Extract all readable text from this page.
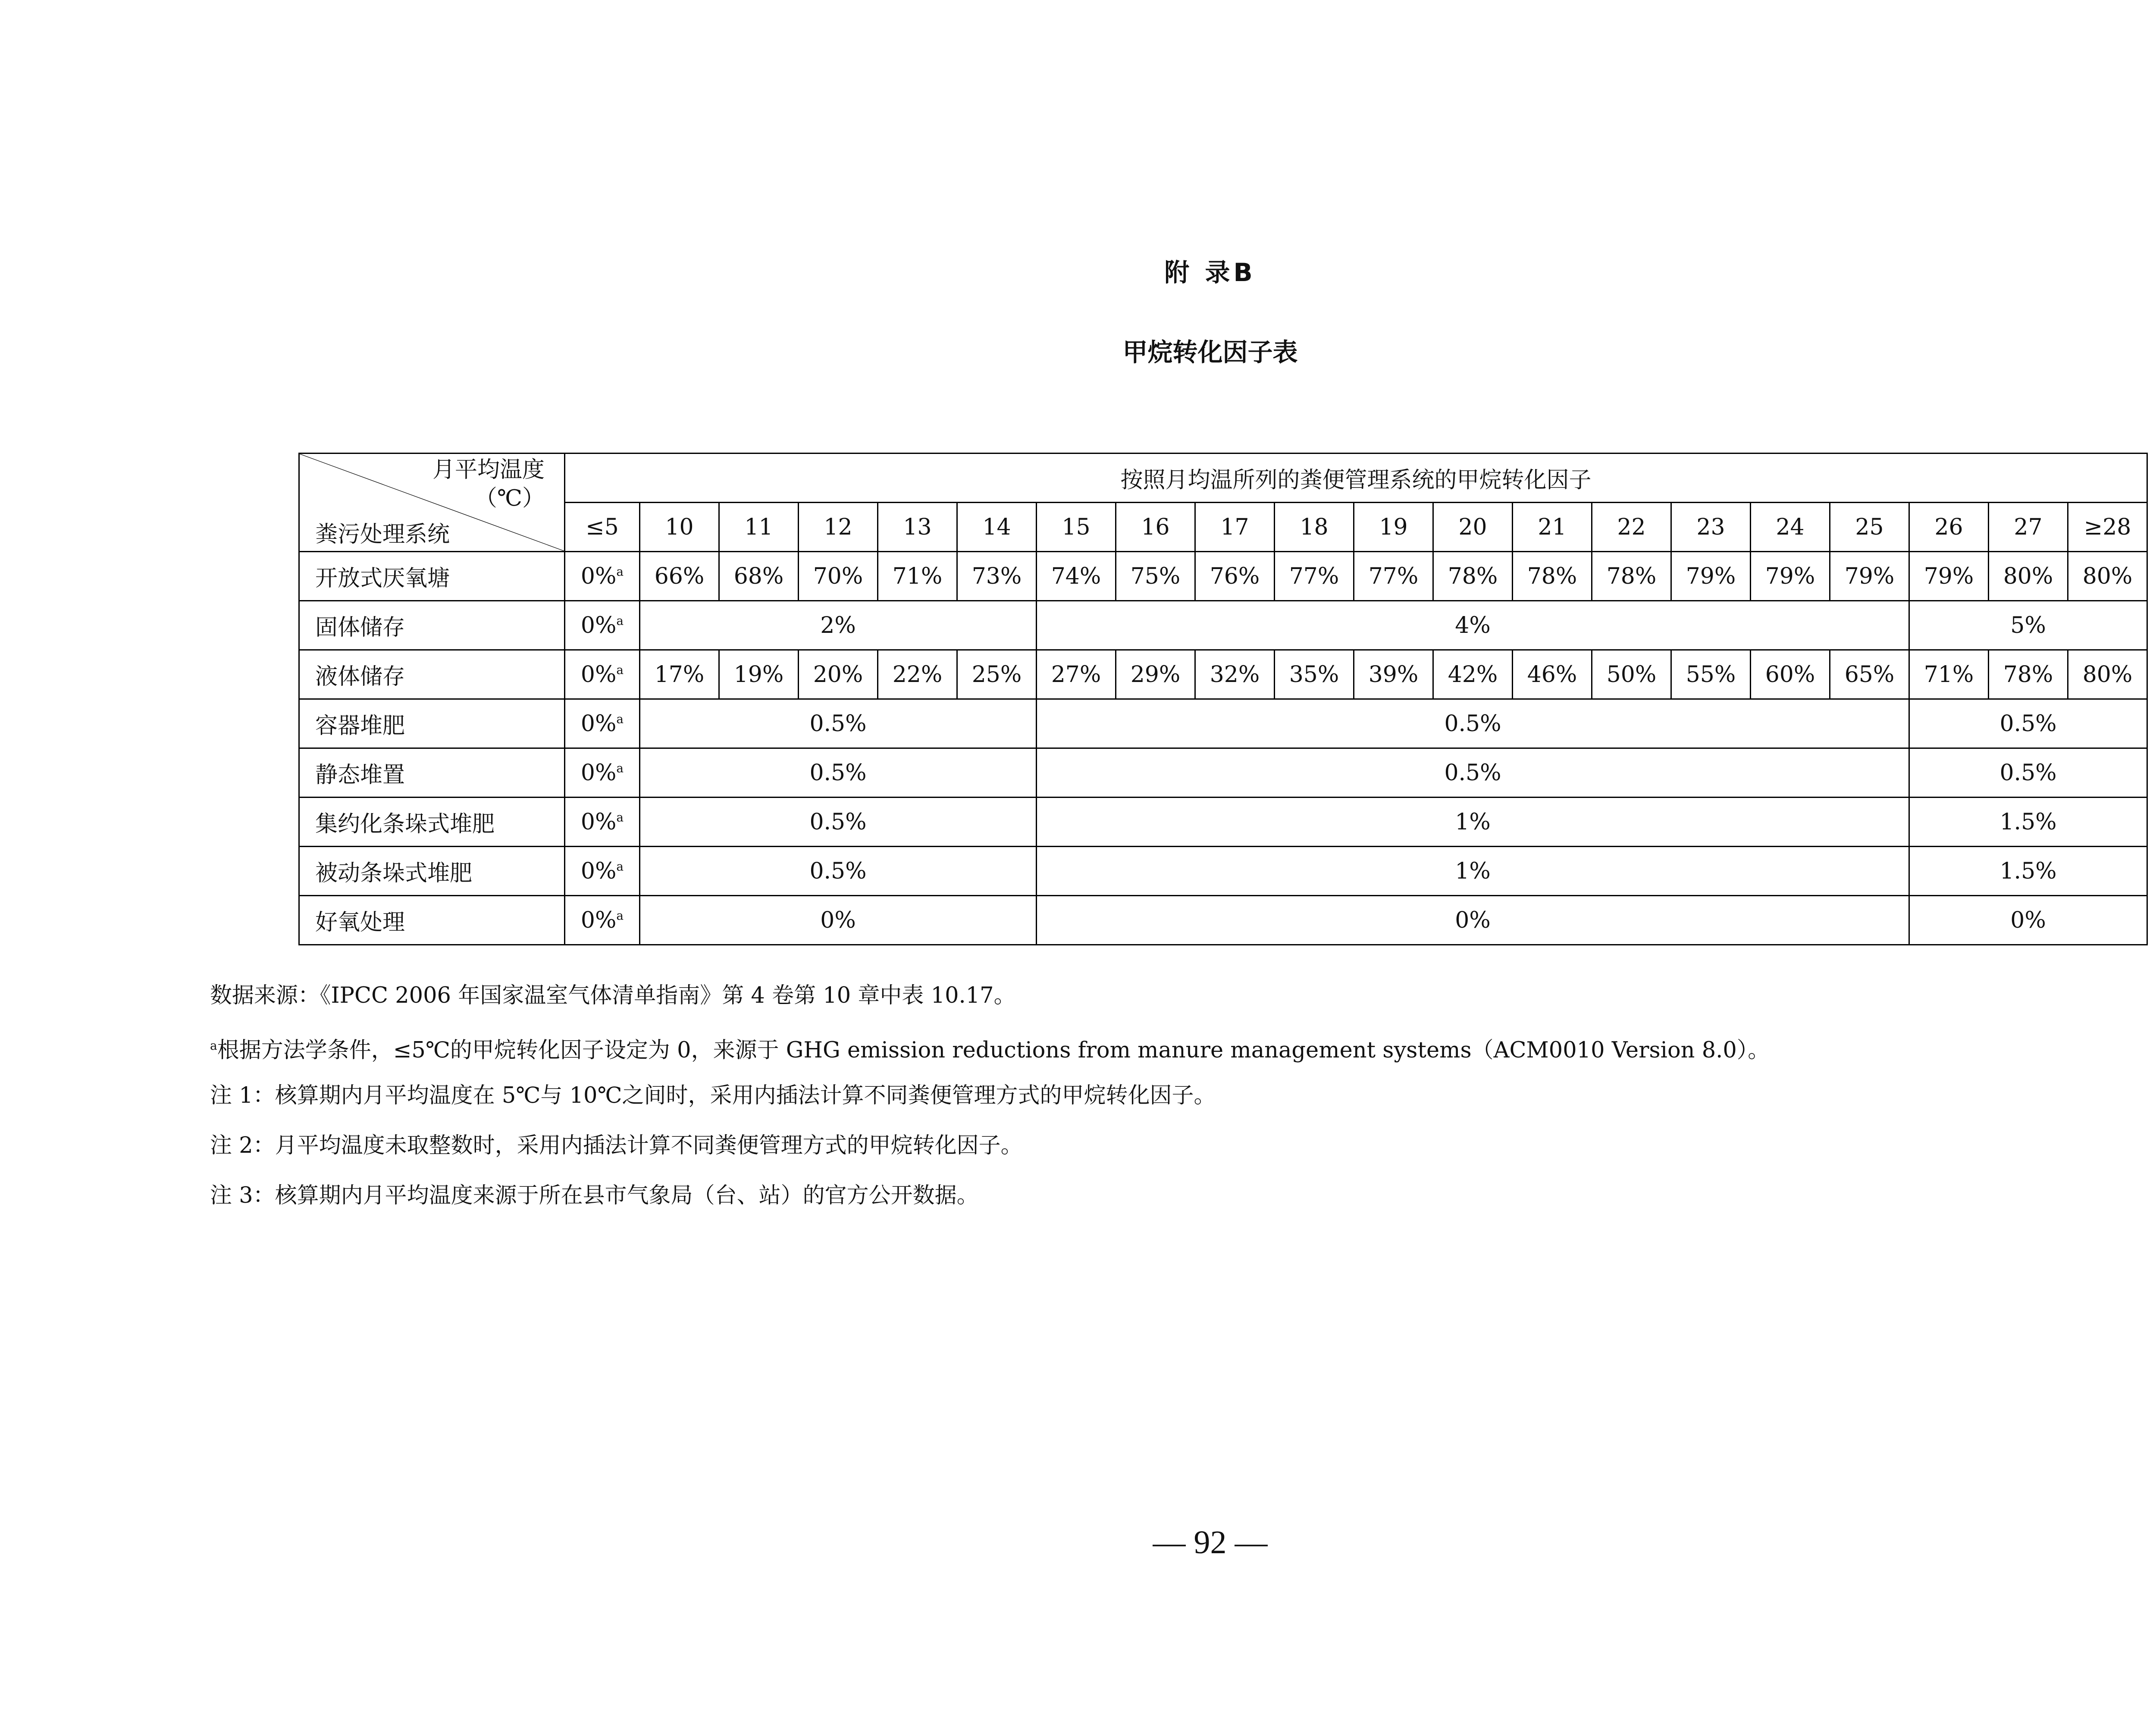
附 录B
甲烷转化因子表
月平均温度
（℃）
粪污处理系统	按照月均温所列的粪便管理系统的甲烷转化因子																			
	≤5	10	11	12	13	14	15	16	17	18	19	20	21	22	23	24	25	26	27	≥28
开放式厌氧塘	0%$^a$	66%	68%	70%	71%	73%	74%	75%	76%	77%	77%	78%	78%	78%	79%	79%	79%	79%	80%	80%
固体储存	0%$^a$	2%					4%											5%		
液体储存	0%$^a$	17%	19%	20%	22%	25%	27%	29%	32%	35%	39%	42%	46%	50%	55%	60%	65%	71%	78%	80%
容器堆肥	0%$^a$	0.5%					0.5%											0.5%		
静态堆置	0%$^a$	0.5%					0.5%											0.5%		
集约化条垛式堆肥	0%$^a$	0.5%					1%											1.5%		
被动条垛式堆肥	0%$^a$	0.5%					1%											1.5%		
好氧处理	0%$^a$	0%					0%											0%		
数据来源：《IPCC 2006 年国家温室气体清单指南》第 4 卷第 10 章中表 10.17。
$^a$根据方法学条件，≤5℃的甲烷转化因子设定为 0，来源于 GHG emission reductions from manure management systems（ACM0010 Version 8.0）。
注 1：核算期内月平均温度在 5℃与 10℃之间时，采用内插法计算不同粪便管理方式的甲烷转化因子。
注 2：月平均温度未取整数时，采用内插法计算不同粪便管理方式的甲烷转化因子。
注 3：核算期内月平均温度来源于所在县市气象局（台、站）的官方公开数据。
— 92 —
